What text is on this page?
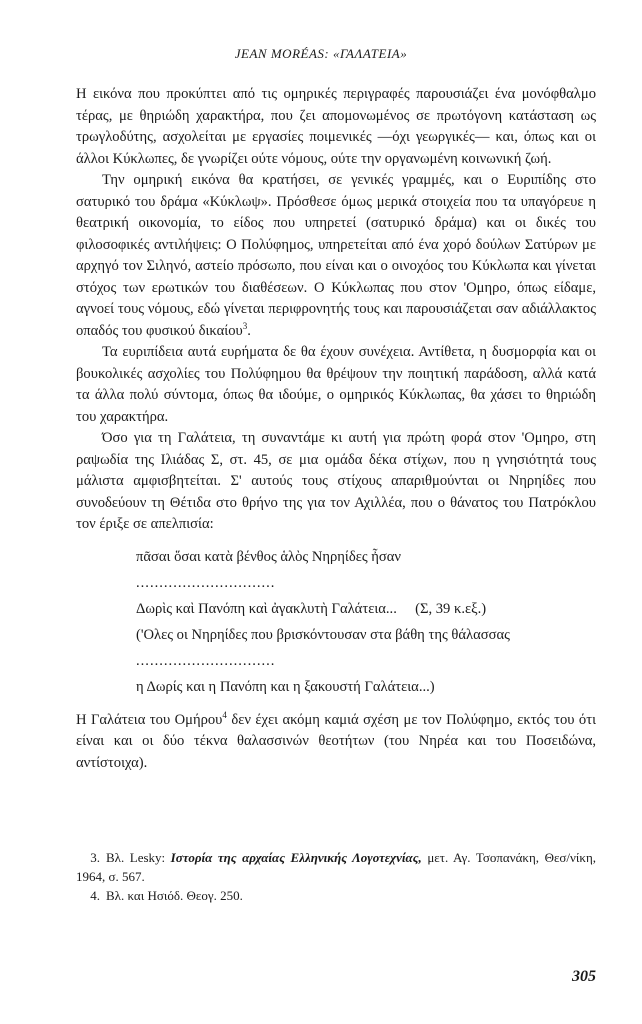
JEAN MORÉAS: «ΓΑΛΑΤΕΙΑ»

Η εικόνα που προκύπτει από τις ομηρικές περιγραφές παρουσιάζει ένα μονόφθαλμο τέρας, με θηριώδη χαρακτήρα, που ζει απομονωμένος σε πρωτόγονη κατάσταση ως τρωγλοδύτης, ασχολείται με εργασίες ποιμενικές —όχι γεωργικές— και, όπως και οι άλλοι Κύκλωπες, δε γνωρίζει ούτε νόμους, ούτε την οργανωμένη κοινωνική ζωή.

Την ομηρική εικόνα θα κρατήσει, σε γενικές γραμμές, και ο Ευριπίδης στο σατυρικό του δράμα «Κύκλωψ». Πρόσθεσε όμως μερικά στοιχεία που τα υπαγόρευε η θεατρική οικονομία, το είδος που υπηρετεί (σατυρικό δράμα) και οι δικές του φιλοσοφικές αντιλήψεις: Ο Πολύφημος, υπηρετείται από ένα χορό δούλων Σατύρων με αρχηγό τον Σιληνό, αστείο πρόσωπο, που είναι και ο οινοχόος του Κύκλωπα και γίνεται στόχος των ερωτικών του διαθέσεων. Ο Κύκλωπας που στον 'Ομηρο, όπως είδαμε, αγνοεί τους νόμους, εδώ γίνεται περιφρονητής τους και παρουσιάζεται σαν αδιάλλακτος οπαδός του φυσικού δικαίου$^3$.

Τα ευριπίδεια αυτά ευρήματα δε θα έχουν συνέχεια. Αντίθετα, η δυσμορφία και οι βουκολικές ασχολίες του Πολύφημου θα θρέψουν την ποιητική παράδοση, αλλά κατά τα άλλα πολύ σύντομα, όπως θα ιδούμε, ο ομηρικός Κύκλωπας, θα χάσει το θηριώδη του χαρακτήρα.

Όσο για τη Γαλάτεια, τη συναντάμε κι αυτή για πρώτη φορά στον 'Ομηρο, στη ραψωδία της Ιλιάδας Σ, στ. 45, σε μια ομάδα δέκα στίχων, που η γνησιότητά τους μάλιστα αμφισβητείται. Σ' αυτούς τους στίχους απαριθμούνται οι Νηρηίδες που συνοδεύουν τη Θέτιδα στο θρήνο της για τον Αχιλλέα, που ο θάνατος του Πατρόκλου τον έριξε σε απελπισία:

πᾶσαι ὅσαι κατὰ βένθος ἁλὸς Νηρηίδες ἦσαν
..............................
Δωρὶς καὶ Πανόπη καὶ ἀγακλυτὴ Γαλάτεια...     (Σ, 39 κ.εξ.)
('Ολες οι Νηρηίδες που βρισκόντουσαν στα βάθη της θάλασσας
..............................
η Δωρίς και η Πανόπη και η ξακουστή Γαλάτεια...)

Η Γαλάτεια του Ομήρου$^4$ δεν έχει ακόμη καμιά σχέση με τον Πολύφημο, εκτός του ότι είναι και οι δύο τέκνα θαλασσινών θεοτήτων (του Νηρέα και του Ποσειδώνα, αντίστοιχα).

3. Βλ. Lesky: Ιστορία της αρχαίας Ελληνικής Λογοτεχνίας, μετ. Αγ. Τσοπανάκη, Θεσ/νίκη, 1964, σ. 567.
4. Βλ. και Ησιόδ. Θεογ. 250.
305
